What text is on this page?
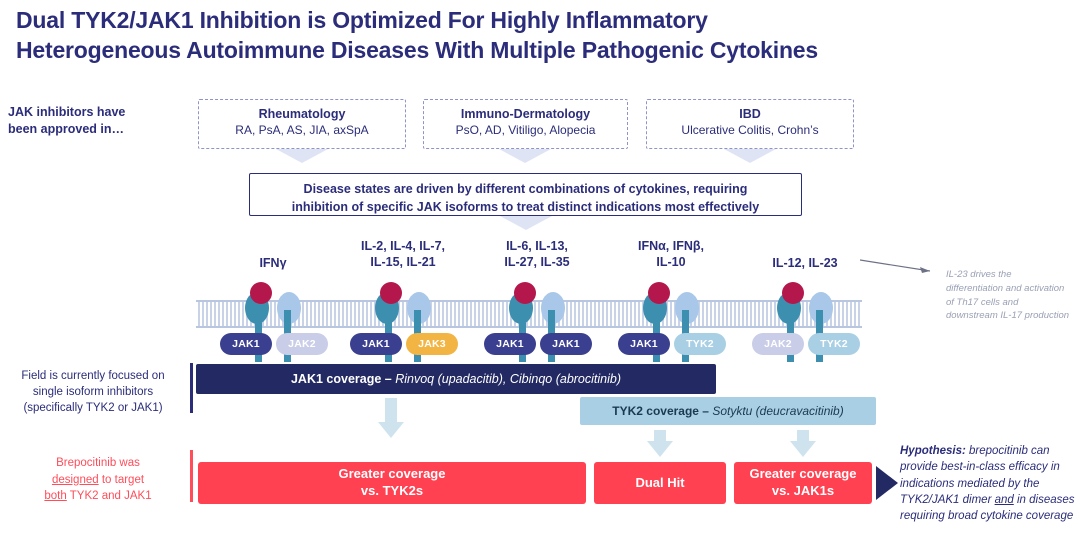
Dual TYK2/JAK1 Inhibition is Optimized For Highly Inflammatory
Heterogeneous Autoimmune Diseases With Multiple Pathogenic Cytokines
JAK inhibitors have been approved in…
Field is currently focused on
single isoform inhibitors
(specifically TYK2 or JAK1)
Brepocitinib was
designed to target
both TYK2 and JAK1
Rheumatology
RA, PsA, AS, JIA, axSpA
Immuno-Dermatology
PsO, AD, Vitiligo, Alopecia
IBD
Ulcerative Colitis, Crohn’s
Disease states are driven by different combinations of cytokines, requiring
inhibition of specific JAK isoforms to treat distinct indications most effectively
IFNγ
JAK1	JAK2
IL-2, IL-4, IL-7,
IL-15, IL-21
JAK1	JAK3
IL-6, IL-13,
IL-27, IL-35
JAK1	JAK1
IFNα, IFNβ,
IL-10
JAK1	TYK2
IL-12, IL-23
JAK2	TYK2
IL-23 drives the differentiation and activation of Th17 cells and downstream IL-17 production
JAK1 coverage – Rinvoq (upadacitib), Cibinqo (abrocitinib)
TYK2 coverage – Sotyktu (deucravacitinib)
Greater coverage
vs. TYK2s
Dual Hit
Greater coverage
vs. JAK1s
Hypothesis: brepocitinib can provide best-in-class efficacy in indications mediated by the TYK2/JAK1 dimer and in diseases requiring broad cytokine coverage
